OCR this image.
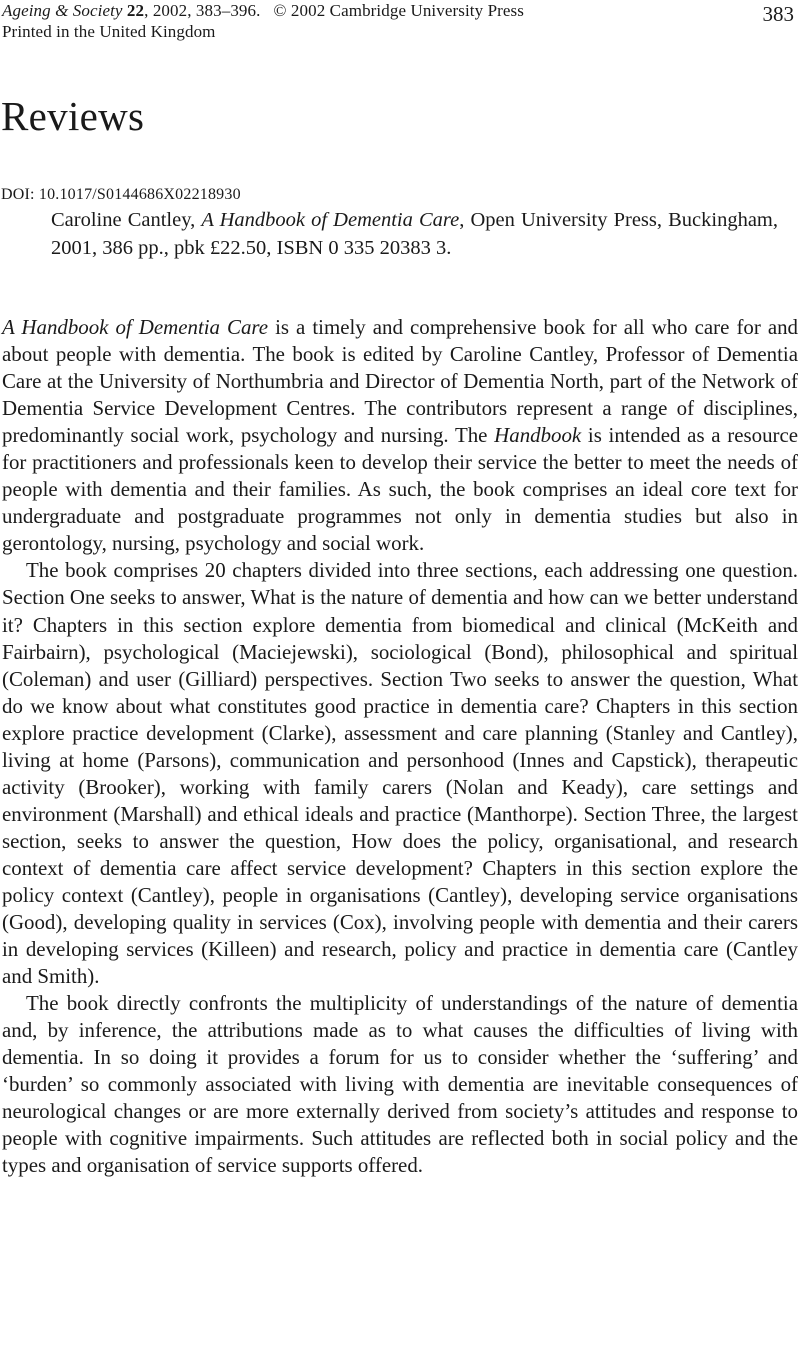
Ageing & Society 22, 2002, 383–396. © 2002 Cambridge University Press
Printed in the United Kingdom
383
Reviews
DOI: 10.1017/S0144686X02218930
Caroline Cantley, A Handbook of Dementia Care, Open University Press, Buckingham, 2001, 386 pp., pbk £22.50, ISBN 0 335 20383 3.

A Handbook of Dementia Care is a timely and comprehensive book for all who care for and about people with dementia. The book is edited by Caroline Cantley, Professor of Dementia Care at the University of Northumbria and Director of Dementia North, part of the Network of Dementia Service Development Centres. The contributors represent a range of disciplines, predominantly social work, psychology and nursing. The Handbook is intended as a resource for practitioners and professionals keen to develop their service the better to meet the needs of people with dementia and their families. As such, the book comprises an ideal core text for undergraduate and postgraduate programmes not only in dementia studies but also in gerontology, nursing, psychology and social work.

The book comprises 20 chapters divided into three sections, each addressing one question. Section One seeks to answer, What is the nature of dementia and how can we better understand it? Chapters in this section explore dementia from biomedical and clinical (McKeith and Fairbairn), psychological (Maciejewski), sociological (Bond), philosophical and spiritual (Coleman) and user (Gilliard) perspectives. Section Two seeks to answer the question, What do we know about what constitutes good practice in dementia care? Chapters in this section explore practice development (Clarke), assessment and care planning (Stanley and Cantley), living at home (Parsons), communication and personhood (Innes and Capstick), therapeutic activity (Brooker), working with family carers (Nolan and Keady), care settings and environment (Marshall) and ethical ideals and practice (Manthorpe). Section Three, the largest section, seeks to answer the question, How does the policy, organisational, and research context of dementia care affect service development? Chapters in this section explore the policy context (Cantley), people in organisations (Cantley), developing service organisations (Good), developing quality in services (Cox), involving people with dementia and their carers in developing services (Killeen) and research, policy and practice in dementia care (Cantley and Smith).

The book directly confronts the multiplicity of understandings of the nature of dementia and, by inference, the attributions made as to what causes the difficulties of living with dementia. In so doing it provides a forum for us to consider whether the ‘suffering’ and ‘burden’ so commonly associated with living with dementia are inevitable consequences of neurological changes or are more externally derived from society’s attitudes and response to people with cognitive impairments. Such attitudes are reflected both in social policy and the types and organisation of service supports offered.
